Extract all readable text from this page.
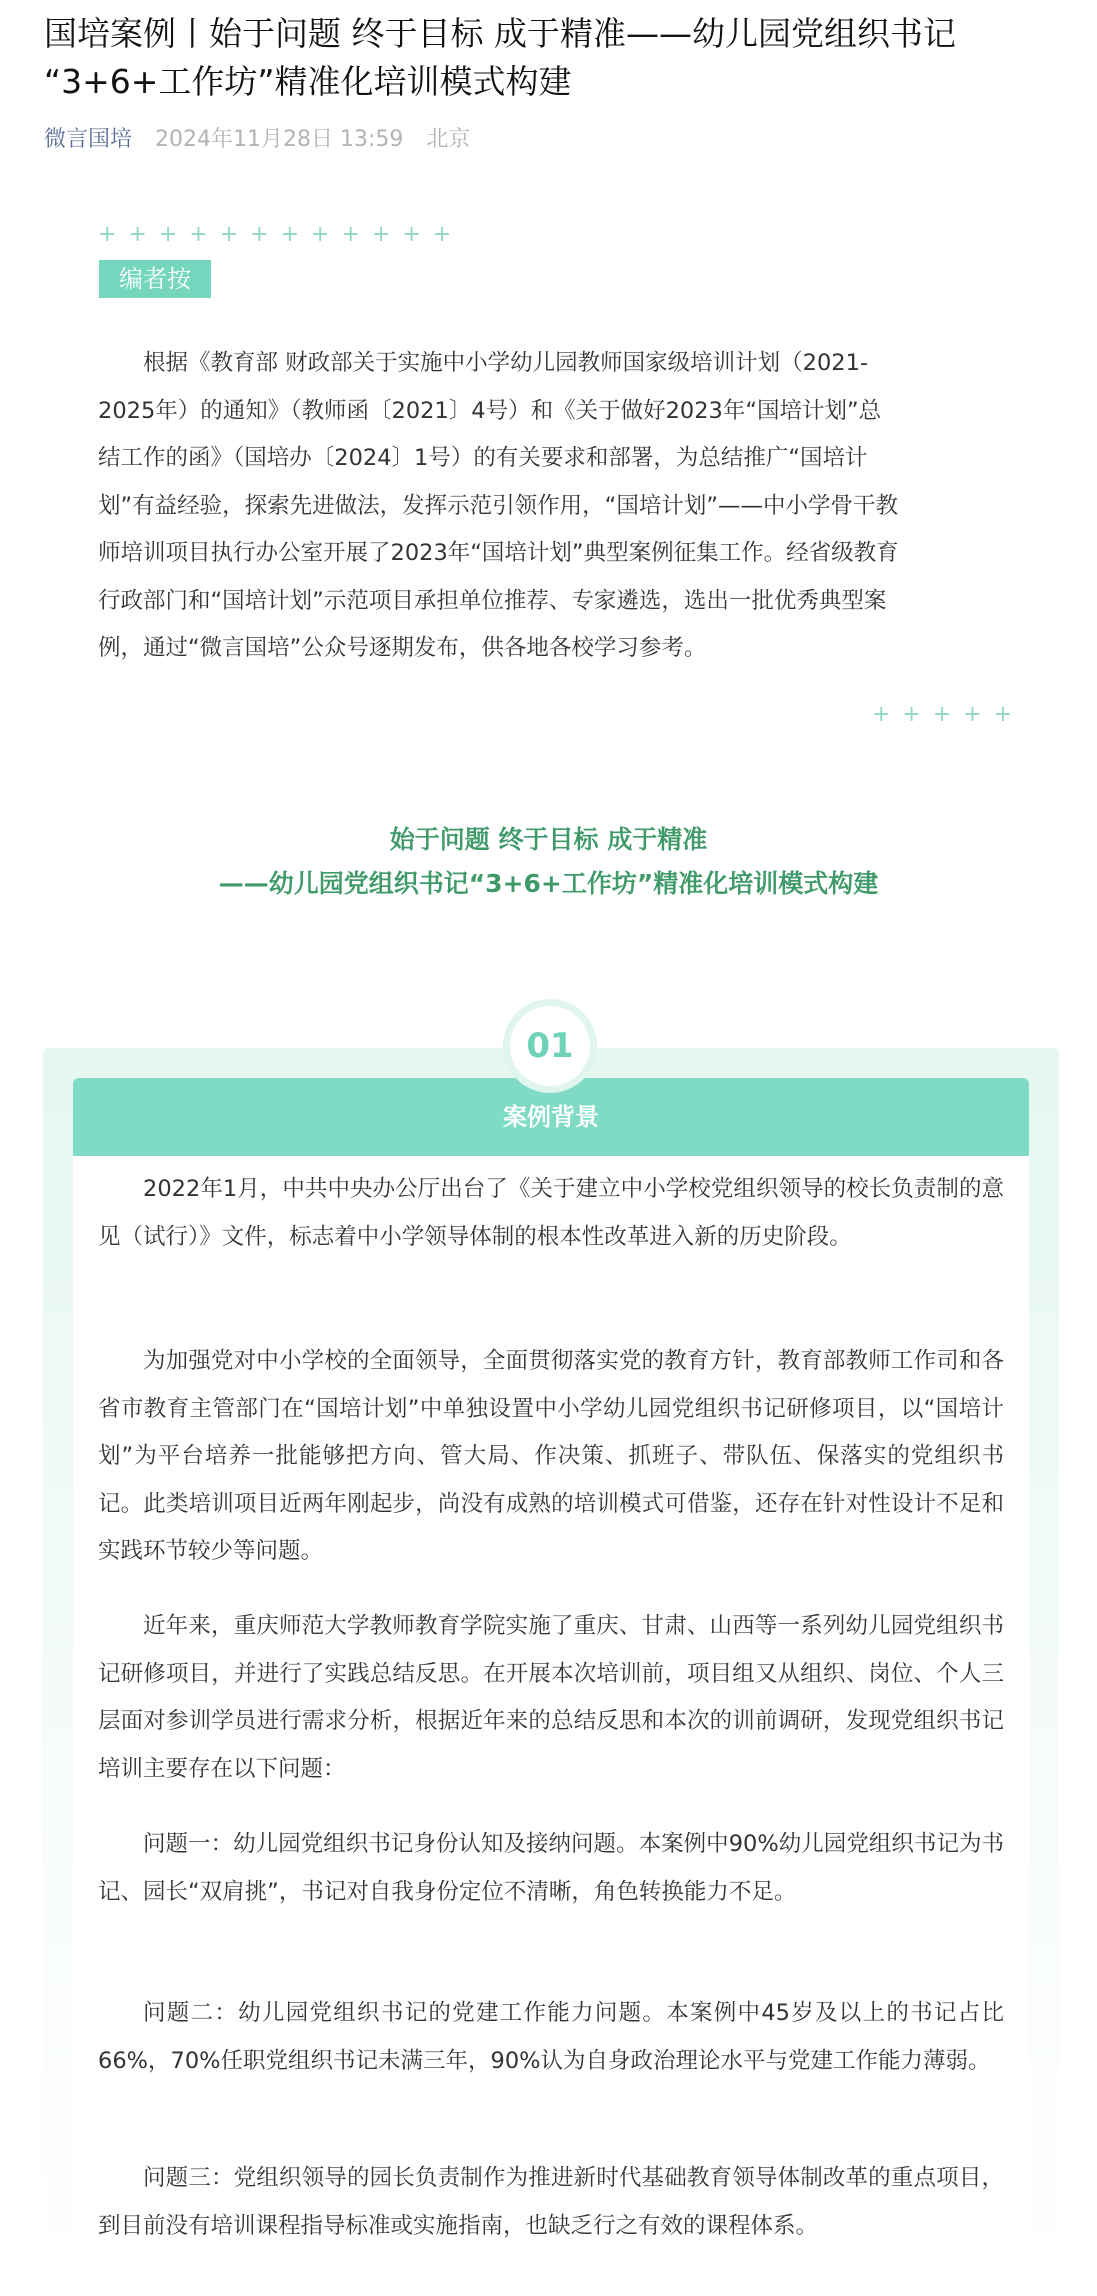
国培案例丨始于问题 终于目标 成于精准——幼儿园党组织书记
“3+6+工作坊”精准化培训模式构建
微言国培 2024年11月28日 13:59 北京
++++++++++++
编者按

根据《教育部 财政部关于实施中小学幼儿园教师国家级培训计划（2021-
2025年）的通知》（教师函〔2021〕4号）和《关于做好2023年“国培计划”总
结工作的函》（国培办〔2024〕1号）的有关要求和部署，为总结推广“国培计
划”有益经验，探索先进做法，发挥示范引领作用，“国培计划”——中小学骨干教
师培训项目执行办公室开展了2023年“国培计划”典型案例征集工作。经省级教育
行政部门和“国培计划”示范项目承担单位推荐、专家遴选，选出一批优秀典型案
例，通过“微言国培”公众号逐期发布，供各地各校学习参考。

+++++
始于问题 终于目标 成于精准
——幼儿园党组织书记“3+6+工作坊”精准化培训模式构建
案例背景
01

2022年1月，中共中央办公厅出台了《关于建立中小学校党组织领导的校长负责制的意见（试行）》文件，标志着中小学领导体制的根本性改革进入新的历史阶段。

为加强党对中小学校的全面领导，全面贯彻落实党的教育方针，教育部教师工作司和各省市教育主管部门在“国培计划”中单独设置中小学幼儿园党组织书记研修项目，以“国培计划”为平台培养一批能够把方向、管大局、作决策、抓班子、带队伍、保落实的党组织书记。此类培训项目近两年刚起步，尚没有成熟的培训模式可借鉴，还存在针对性设计不足和实践环节较少等问题。

近年来，重庆师范大学教师教育学院实施了重庆、甘肃、山西等一系列幼儿园党组织书记研修项目，并进行了实践总结反思。在开展本次培训前，项目组又从组织、岗位、个人三层面对参训学员进行需求分析，根据近年来的总结反思和本次的训前调研，发现党组织书记培训主要存在以下问题：

问题一：幼儿园党组织书记身份认知及接纳问题。本案例中90%幼儿园党组织书记为书记、园长“双肩挑”，书记对自我身份定位不清晰，角色转换能力不足。

问题二：幼儿园党组织书记的党建工作能力问题。本案例中45岁及以上的书记占比66%，70%任职党组织书记未满三年，90%认为自身政治理论水平与党建工作能力薄弱。

问题三：党组织领导的园长负责制作为推进新时代基础教育领导体制改革的重点项目，到目前没有培训课程指导标准或实施指南，也缺乏行之有效的课程体系。
